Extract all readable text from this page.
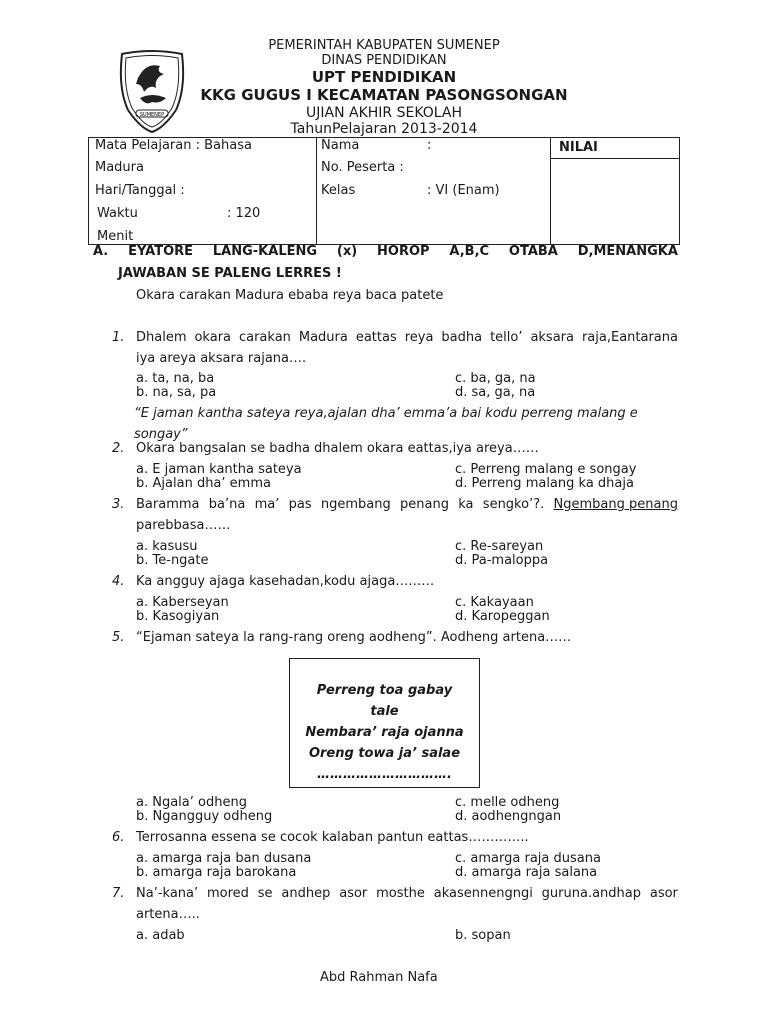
SUMENEP
PEMERINTAH KABUPATEN SUMENEP
DINAS PENDIDIKAN
UPT PENDIDIKAN
KKG GUGUS I KECAMATAN PASONGSONGAN
UJIAN AKHIR SEKOLAH
TahunPelajaran 2013-2014
Mata Pelajaran : Bahasa
Madura
Hari/Tanggal :
Waktu	: 120
Menit
Nama	:
No. Peserta :
Kelas	: VI (Enam)
NILAI
A. EYATORE LANG-KALENG (x) HOROP A,B,C OTABA D,MENANGKA
JAWABAN SE PALENG LERRES !
Okara carakan Madura ebaba reya baca patete
1. Dhalem okara carakan Madura eattas reya badha tello’ aksara raja,Eantarana
iya areya aksara rajana….
a. ta, na, ba
b. na, sa, pa
c. ba, ga, na
d. sa, ga, na
“E jaman kantha sateya reya,ajalan dha’ emma’a bai kodu perreng malang e
songay”
2. Okara bangsalan se badha dhalem okara eattas,iya areya……
a. E jaman kantha sateya
b. Ajalan dha’ emma
c. Perreng malang e songay
d. Perreng malang ka dhaja
3. Baramma ba’na ma’ pas ngembang penang ka sengko’?. Ngembang penang
parebbasa……
a. kasusu
b. Te-ngate
c. Re-sareyan
d. Pa-maloppa
4. Ka angguy ajaga kasehadan,kodu ajaga………
a. Kaberseyan
b. Kasogiyan
c. Kakayaan
d. Karopeggan
5. “Ejaman sateya la rang-rang oreng aodheng”. Aodheng artena……
Perreng toa gabay
tale
Nembara’ raja ojanna
Oreng towa ja’ salae
………………………….
a. Ngala’ odheng
b. Ngangguy odheng
c. melle odheng
d. aodhengngan
6. Terrosanna essena se cocok kalaban pantun eattas…………..
a. amarga raja ban dusana
b. amarga raja barokana
c. amarga raja dusana
d. amarga raja salana
7. Na’-kana’ mored se andhep asor mosthe akasennengngi guruna.andhap asor
artena…..
a. adab	b. sopan
Abd Rahman Nafa
